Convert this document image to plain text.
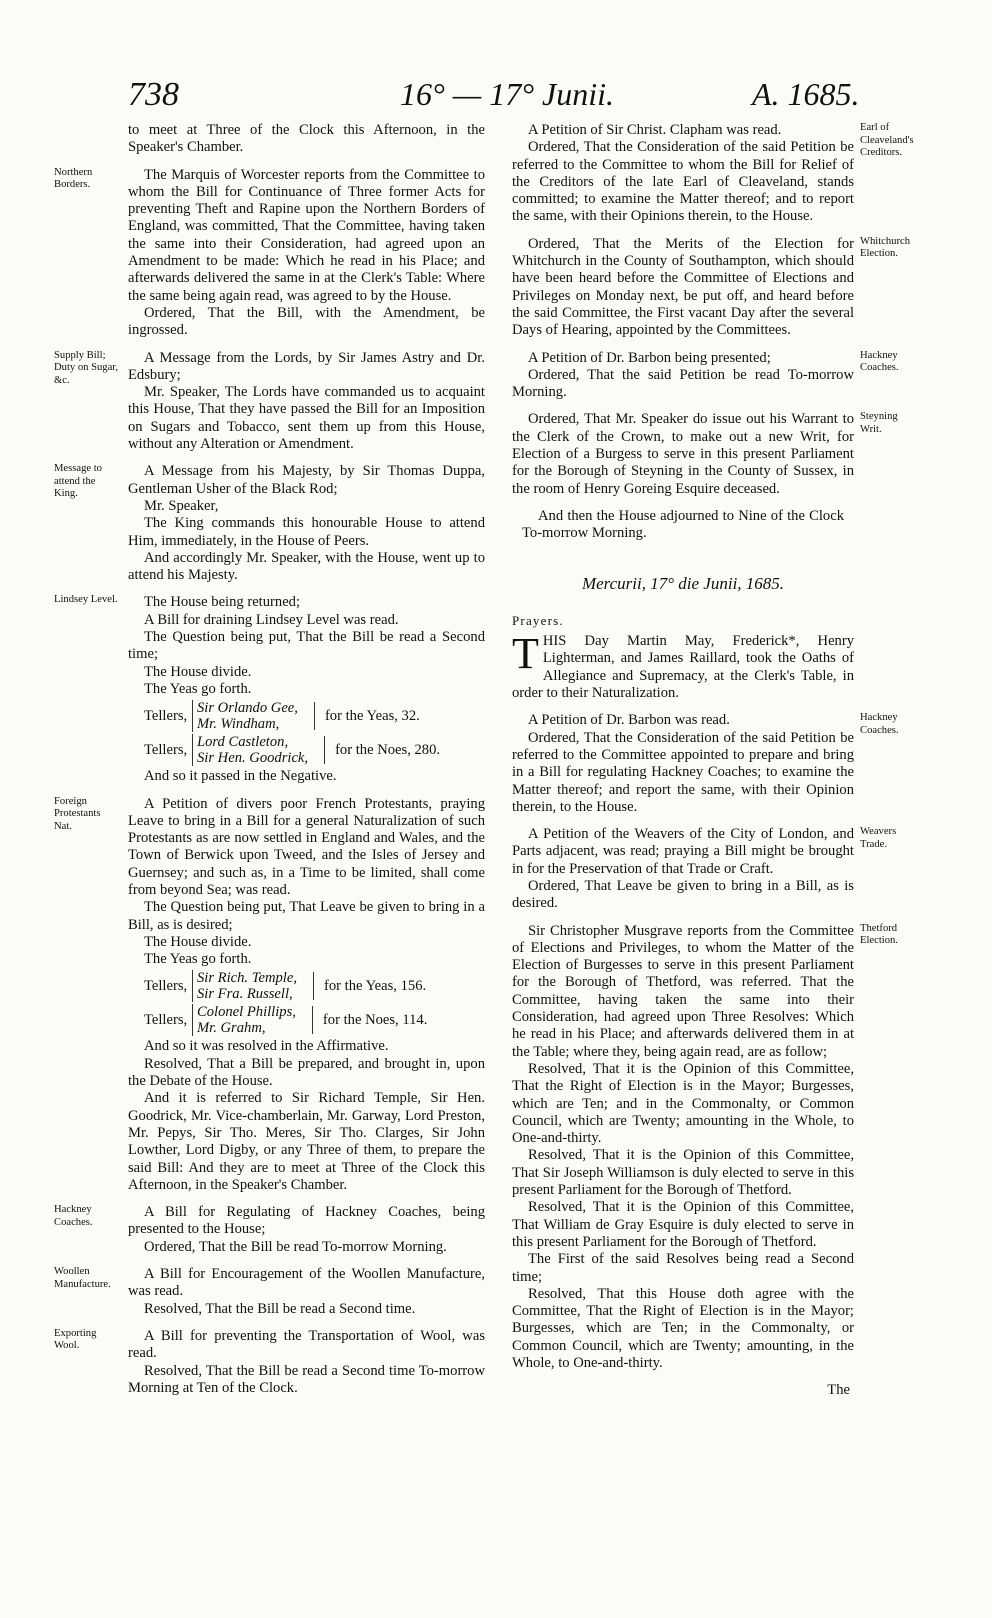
738	16° — 17° Junii.	A. 1685.

to meet at Three of the Clock this Afternoon, in the Speaker's Chamber.

Northern Borders.

The Marquis of Worcester reports from the Committee to whom the Bill for Continuance of Three former Acts for preventing Theft and Rapine upon the Northern Borders of England, was committed, That the Committee, having taken the same into their Consideration, had agreed upon an Amendment to be made: Which he read in his Place; and afterwards delivered the same in at the Clerk's Table: Where the same being again read, was agreed to by the House.

Ordered, That the Bill, with the Amendment, be ingrossed.

Supply Bill; Duty on Sugar, &c.

A Message from the Lords, by Sir James Astry and Dr. Edsbury;

Mr. Speaker, The Lords have commanded us to acquaint this House, That they have passed the Bill for an Imposition on Sugars and Tobacco, sent them up from this House, without any Alteration or Amendment.

Message to attend the King.

A Message from his Majesty, by Sir Thomas Duppa, Gentleman Usher of the Black Rod;

Mr. Speaker,

The King commands this honourable House to attend Him, immediately, in the House of Peers.

And accordingly Mr. Speaker, with the House, went up to attend his Majesty.

Lindsey Level.	The House being returned;

A Bill for draining Lindsey Level was read.

The Question being put, That the Bill be read a Second time;

The House divide.

The Yeas go forth.

Tellers, Sir Orlando Gee,
Mr. Windham,	for the Yeas, 32.
Tellers, Lord Castleton,
Sir Hen. Goodrick,	for the Noes, 280.

And so it passed in the Negative.

Foreign Protestants Nat.

A Petition of divers poor French Protestants, praying Leave to bring in a Bill for a general Naturalization of such Protestants as are now settled in England and Wales, and the Town of Berwick upon Tweed, and the Isles of Jersey and Guernsey; and such as, in a Time to be limited, shall come from beyond Sea; was read.

The Question being put, That Leave be given to bring in a Bill, as is desired;

The House divide.

The Yeas go forth.

Tellers, Sir Rich. Temple,
Sir Fra. Russell,	for the Yeas, 156.
Tellers, Colonel Phillips,
Mr. Grahm,	for the Noes, 114.

And so it was resolved in the Affirmative.

Resolved, That a Bill be prepared, and brought in, upon the Debate of the House.

And it is referred to Sir Richard Temple, Sir Hen. Goodrick, Mr. Vice-chamberlain, Mr. Garway, Lord Preston, Mr. Pepys, Sir Tho. Meres, Sir Tho. Clarges, Sir John Lowther, Lord Digby, or any Three of them, to prepare the said Bill: And they are to meet at Three of the Clock this Afternoon, in the Speaker's Chamber.

Hackney Coaches.

A Bill for Regulating of Hackney Coaches, being presented to the House;

Ordered, That the Bill be read To-morrow Morning.

Woollen Manufacture.

A Bill for Encouragement of the Woollen Manufacture, was read.

Resolved, That the Bill be read a Second time.

Exporting Wool.

A Bill for preventing the Transportation of Wool, was read.

Resolved, That the Bill be read a Second time To-morrow Morning at Ten of the Clock.

Earl of Cleaveland's Creditors.

A Petition of Sir Christ. Clapham was read.

Ordered, That the Consideration of the said Petition be referred to the Committee to whom the Bill for Relief of the Creditors of the late Earl of Cleaveland, stands committed; to examine the Matter thereof; and to report the same, with their Opinions therein, to the House.

Whitchurch Election.

Ordered, That the Merits of the Election for Whitchurch in the County of Southampton, which should have been heard before the Committee of Elections and Privileges on Monday next, be put off, and heard before the said Committee, the First vacant Day after the several Days of Hearing, appointed by the Committees.

Hackney Coaches.

A Petition of Dr. Barbon being presented;

Ordered, That the said Petition be read To-morrow Morning.

Steyning Writ.

Ordered, That Mr. Speaker do issue out his Warrant to the Clerk of the Crown, to make out a new Writ, for Election of a Burgess to serve in this present Parliament for the Borough of Steyning in the County of Sussex, in the room of Henry Goreing Esquire deceased.

And then the House adjourned to Nine of the Clock To-morrow Morning.

Mercurii, 17° die Junii, 1685.
Prayers.

THIS Day Martin May, Frederick*, Henry Lighterman, and James Raillard, took the Oaths of Allegiance and Supremacy, at the Clerk's Table, in order to their Naturalization.

Hackney Coaches.

A Petition of Dr. Barbon was read.

Ordered, That the Consideration of the said Petition be referred to the Committee appointed to prepare and bring in a Bill for regulating Hackney Coaches; to examine the Matter thereof; and report the same, with their Opinion therein, to the House.

Weavers Trade.

A Petition of the Weavers of the City of London, and Parts adjacent, was read; praying a Bill might be brought in for the Preservation of that Trade or Craft.

Ordered, That Leave be given to bring in a Bill, as is desired.

Thetford Election.

Sir Christopher Musgrave reports from the Committee of Elections and Privileges, to whom the Matter of the Election of Burgesses to serve in this present Parliament for the Borough of Thetford, was referred. That the Committee, having taken the same into their Consideration, had agreed upon Three Resolves: Which he read in his Place; and afterwards delivered them in at the Table; where they, being again read, are as follow;

Resolved, That it is the Opinion of this Committee, That the Right of Election is in the Mayor; Burgesses, which are Ten; and in the Commonalty, or Common Council, which are Twenty; amounting in the Whole, to One-and-thirty.

Resolved, That it is the Opinion of this Committee, That Sir Joseph Williamson is duly elected to serve in this present Parliament for the Borough of Thetford.

Resolved, That it is the Opinion of this Committee, That William de Gray Esquire is duly elected to serve in this present Parliament for the Borough of Thetford.

The First of the said Resolves being read a Second time;

Resolved, That this House doth agree with the Committee, That the Right of Election is in the Mayor; Burgesses, which are Ten; in the Commonalty, or Common Council, which are Twenty; amounting, in the Whole, to One-and-thirty.

The
